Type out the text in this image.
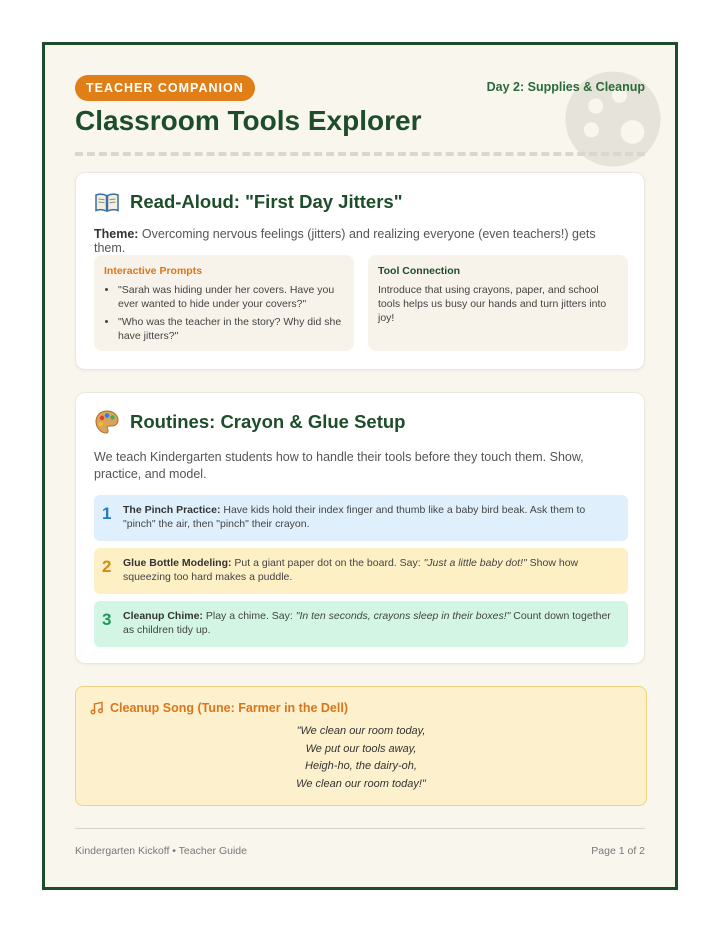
TEACHER COMPANION	Day 2: Supplies & Cleanup
Classroom Tools Explorer
Read-Aloud: "First Day Jitters"
Theme: Overcoming nervous feelings (jitters) and realizing everyone (even teachers!) gets them.
Interactive Prompts
• "Sarah was hiding under her covers. Have you ever wanted to hide under your covers?"
• "Who was the teacher in the story? Why did she have jitters?"
Tool Connection
Introduce that using crayons, paper, and school tools helps us busy our hands and turn jitters into joy!
Routines: Crayon & Glue Setup
We teach Kindergarten students how to handle their tools before they touch them. Show, practice, and model.
1 The Pinch Practice: Have kids hold their index finger and thumb like a baby bird beak. Ask them to "pinch" the air, then "pinch" their crayon.
2 Glue Bottle Modeling: Put a giant paper dot on the board. Say: "Just a little baby dot!" Show how squeezing too hard makes a puddle.
3 Cleanup Chime: Play a chime. Say: "In ten seconds, crayons sleep in their boxes!" Count down together as children tidy up.
Cleanup Song (Tune: Farmer in the Dell)
"We clean our room today,
We put our tools away,
Heigh-ho, the dairy-oh,
We clean our room today!"
Kindergarten Kickoff • Teacher Guide	Page 1 of 2
